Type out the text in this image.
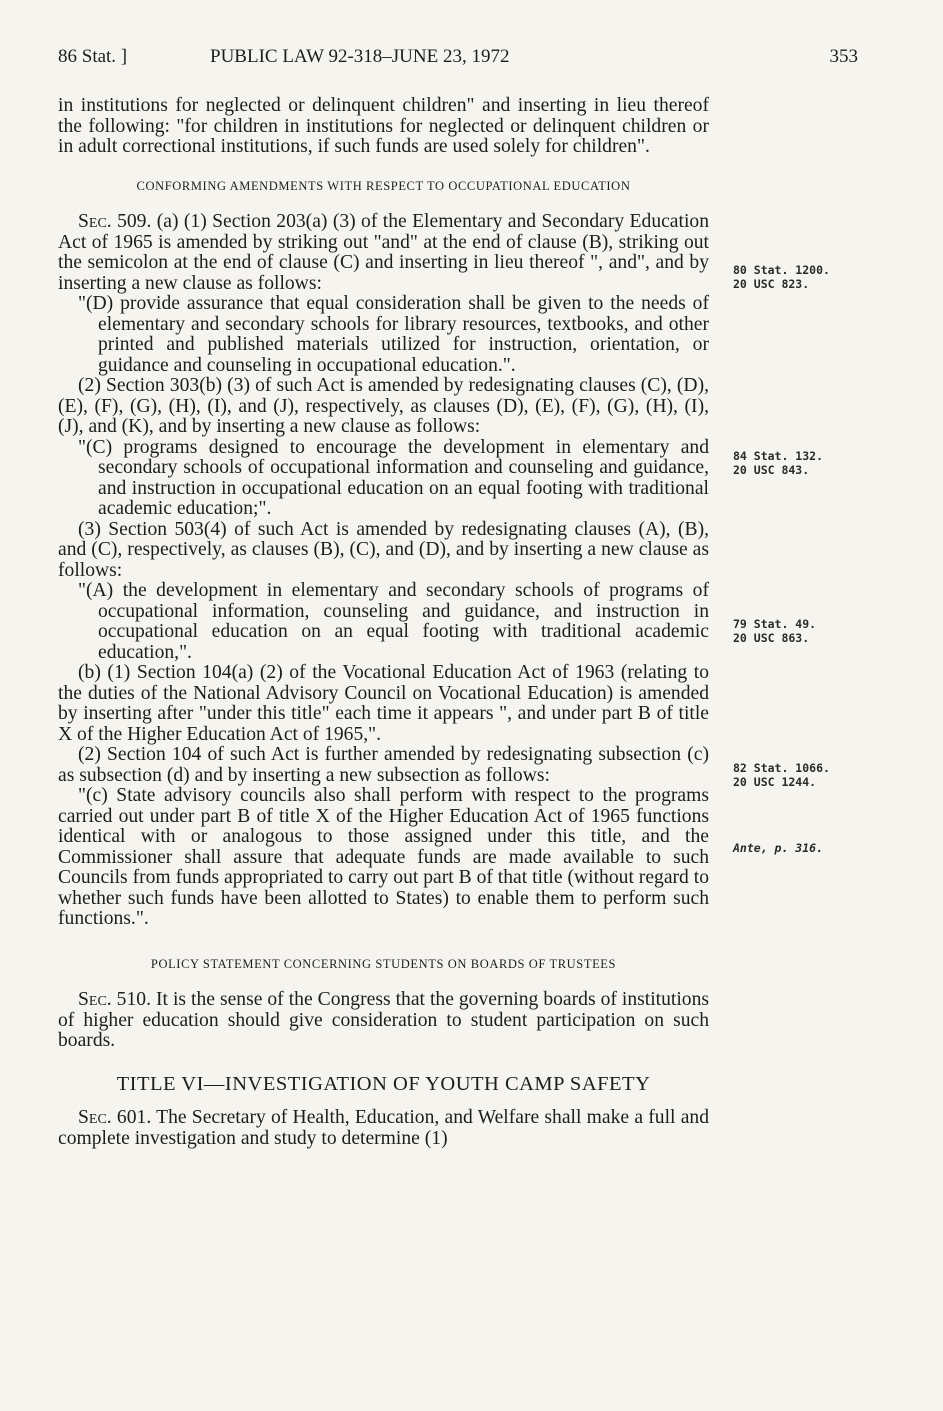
86 Stat. ]	PUBLIC LAW 92-318–JUNE 23, 1972	353

in institutions for neglected or delinquent children" and inserting in lieu thereof the following: "for children in institutions for neglected or delinquent children or in adult correctional institutions, if such funds are used solely for children".

CONFORMING AMENDMENTS WITH RESPECT TO OCCUPATIONAL EDUCATION

Sec. 509. (a) (1) Section 203(a) (3) of the Elementary and Secondary Education Act of 1965 is amended by striking out "and" at the end of clause (B), striking out the semicolon at the end of clause (C) and inserting in lieu thereof ", and", and by inserting a new clause as follows:

"(D) provide assurance that equal consideration shall be given to the needs of elementary and secondary schools for library resources, textbooks, and other printed and published materials utilized for instruction, orientation, or guidance and counseling in occupational education.".

(2) Section 303(b) (3) of such Act is amended by redesignating clauses (C), (D), (E), (F), (G), (H), (I), and (J), respectively, as clauses (D), (E), (F), (G), (H), (I), (J), and (K), and by inserting a new clause as follows:

"(C) programs designed to encourage the development in elementary and secondary schools of occupational information and counseling and guidance, and instruction in occupational education on an equal footing with traditional academic education;".

(3) Section 503(4) of such Act is amended by redesignating clauses (A), (B), and (C), respectively, as clauses (B), (C), and (D), and by inserting a new clause as follows:

"(A) the development in elementary and secondary schools of programs of occupational information, counseling and guidance, and instruction in occupational education on an equal footing with traditional academic education,".

(b) (1) Section 104(a) (2) of the Vocational Education Act of 1963 (relating to the duties of the National Advisory Council on Vocational Education) is amended by inserting after "under this title" each time it appears ", and under part B of title X of the Higher Education Act of 1965,".

(2) Section 104 of such Act is further amended by redesignating subsection (c) as subsection (d) and by inserting a new subsection as follows:

"(c) State advisory councils also shall perform with respect to the programs carried out under part B of title X of the Higher Education Act of 1965 functions identical with or analogous to those assigned under this title, and the Commissioner shall assure that adequate funds are made available to such Councils from funds appropriated to carry out part B of that title (without regard to whether such funds have been allotted to States) to enable them to perform such functions.".

POLICY STATEMENT CONCERNING STUDENTS ON BOARDS OF TRUSTEES

Sec. 510. It is the sense of the Congress that the governing boards of institutions of higher education should give consideration to student participation on such boards.

TITLE VI—INVESTIGATION OF YOUTH CAMP SAFETY

Sec. 601. The Secretary of Health, Education, and Welfare shall make a full and complete investigation and study to determine (1)

80 Stat. 1200.
20 USC 823.
84 Stat. 132.
20 USC 843.
79 Stat. 49.
20 USC 863.
82 Stat. 1066.
20 USC 1244.
Ante, p. 316.
